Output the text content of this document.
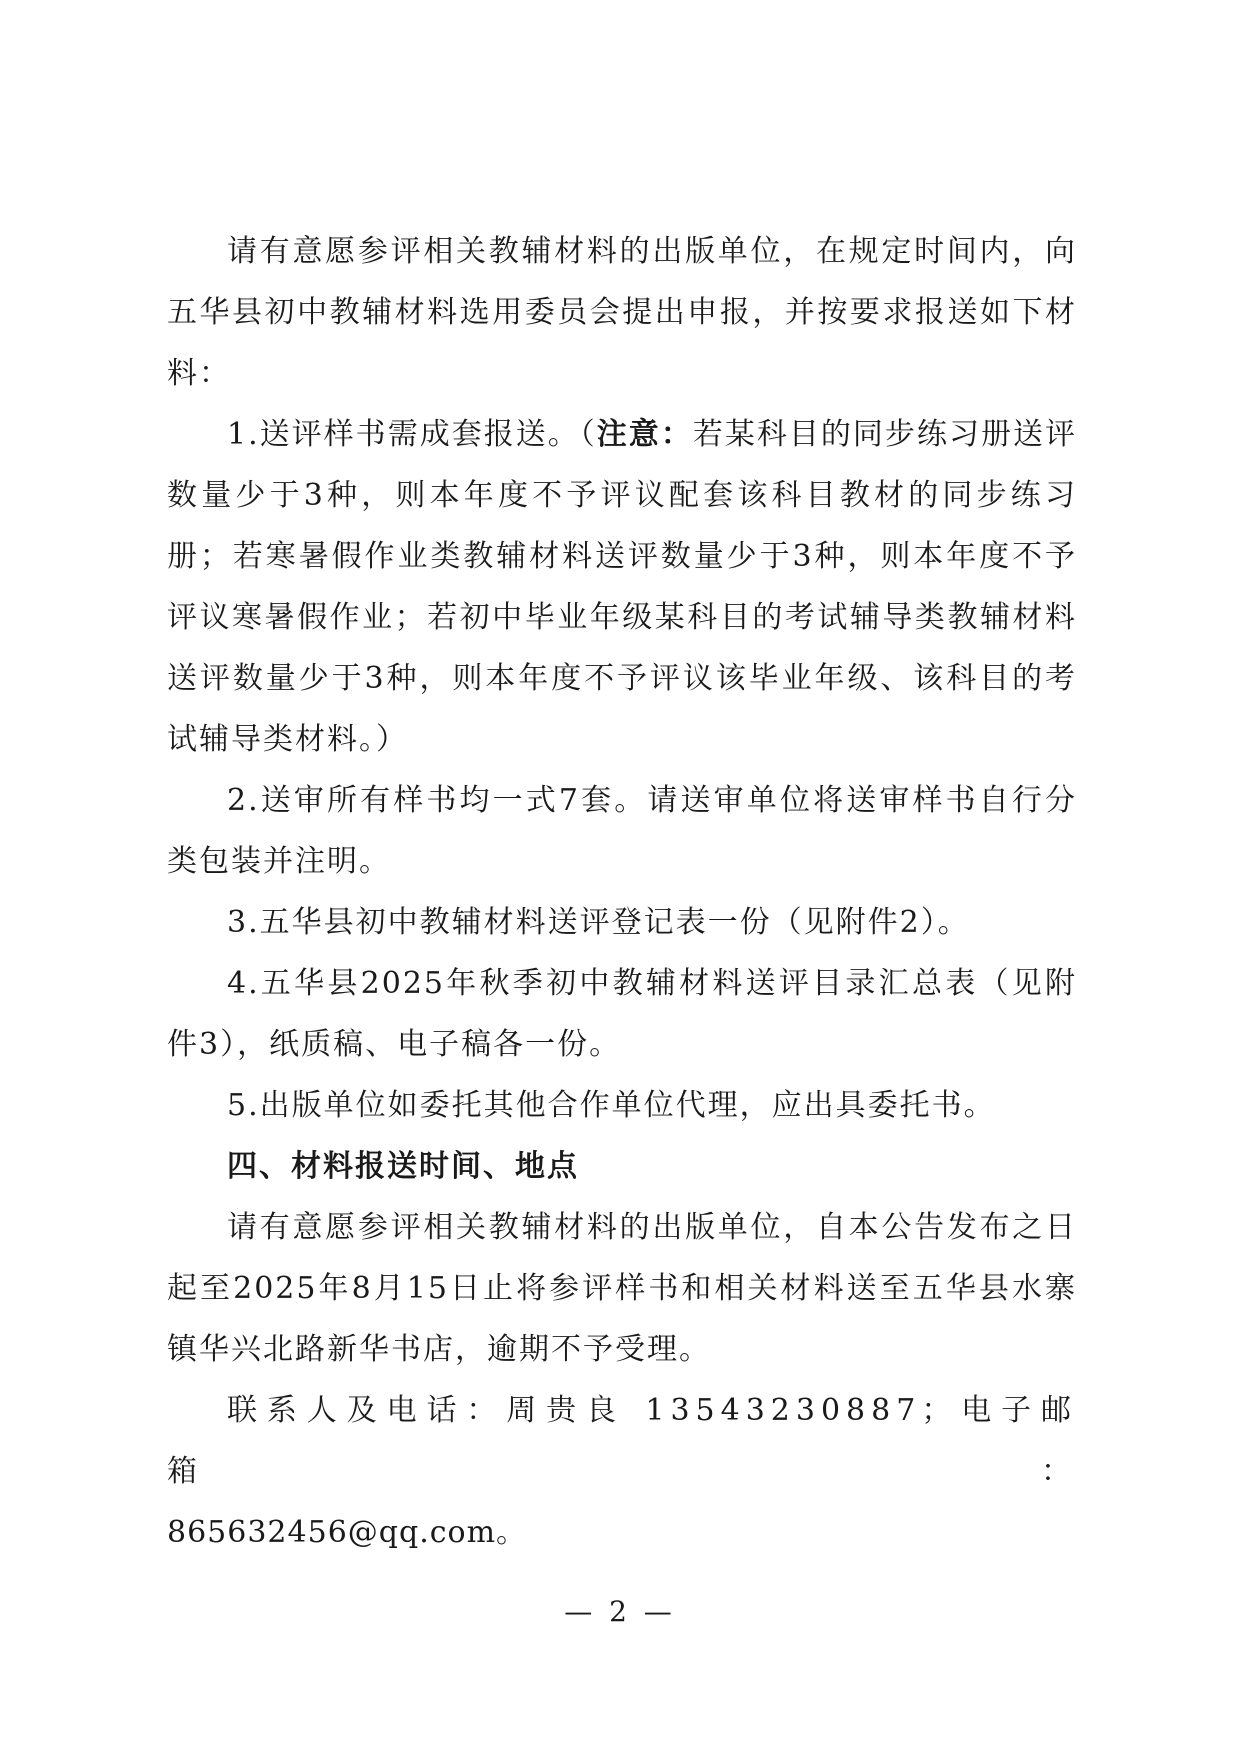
请有意愿参评相关教辅材料的出版单位，在规定时间内，向五华县初中教辅材料选用委员会提出申报，并按要求报送如下材料：

1.送评样书需成套报送。（注意：若某科目的同步练习册送评数量少于3种，则本年度不予评议配套该科目教材的同步练习册；若寒暑假作业类教辅材料送评数量少于3种，则本年度不予评议寒暑假作业；若初中毕业年级某科目的考试辅导类教辅材料送评数量少于3种，则本年度不予评议该毕业年级、该科目的考试辅导类材料。）

2.送审所有样书均一式7套。请送审单位将送审样书自行分类包装并注明。

3.五华县初中教辅材料送评登记表一份（见附件2）。

4.五华县2025年秋季初中教辅材料送评目录汇总表（见附件3），纸质稿、电子稿各一份。

5.出版单位如委托其他合作单位代理，应出具委托书。

四、材料报送时间、地点

请有意愿参评相关教辅材料的出版单位，自本公告发布之日起至2025年8月15日止将参评样书和相关材料送至五华县水寨镇华兴北路新华书店，逾期不予受理。

联系人及电话：周贵良 13543230887；电子邮箱：

865632456@qq.com。

— 2 —
